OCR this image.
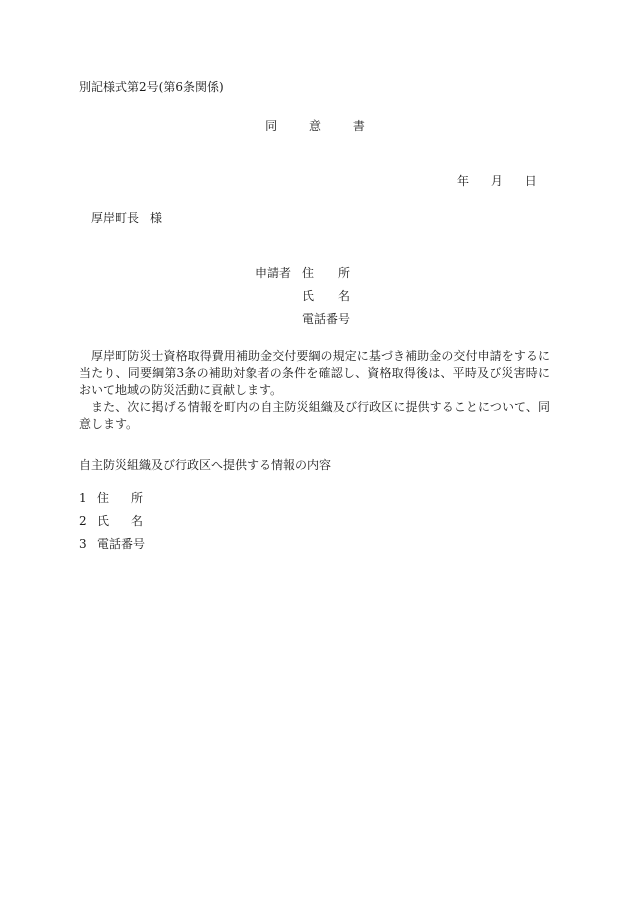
別記様式第2号(第6条関係)
同	意	書
年 月 日
厚岸町長 様
申請者 住 所
氏 名
電話番号

厚岸町防災士資格取得費用補助金交付要綱の規定に基づき補助金の交付申請をするに当たり、同要綱第3条の補助対象者の条件を確認し、資格取得後は、平時及び災害時において地域の防災活動に貢献します。

また、次に掲げる情報を町内の自主防災組織及び行政区に提供することについて、同意します。

自主防災組織及び行政区へ提供する情報の内容
1 住 所
2 氏 名
3 電話番号
